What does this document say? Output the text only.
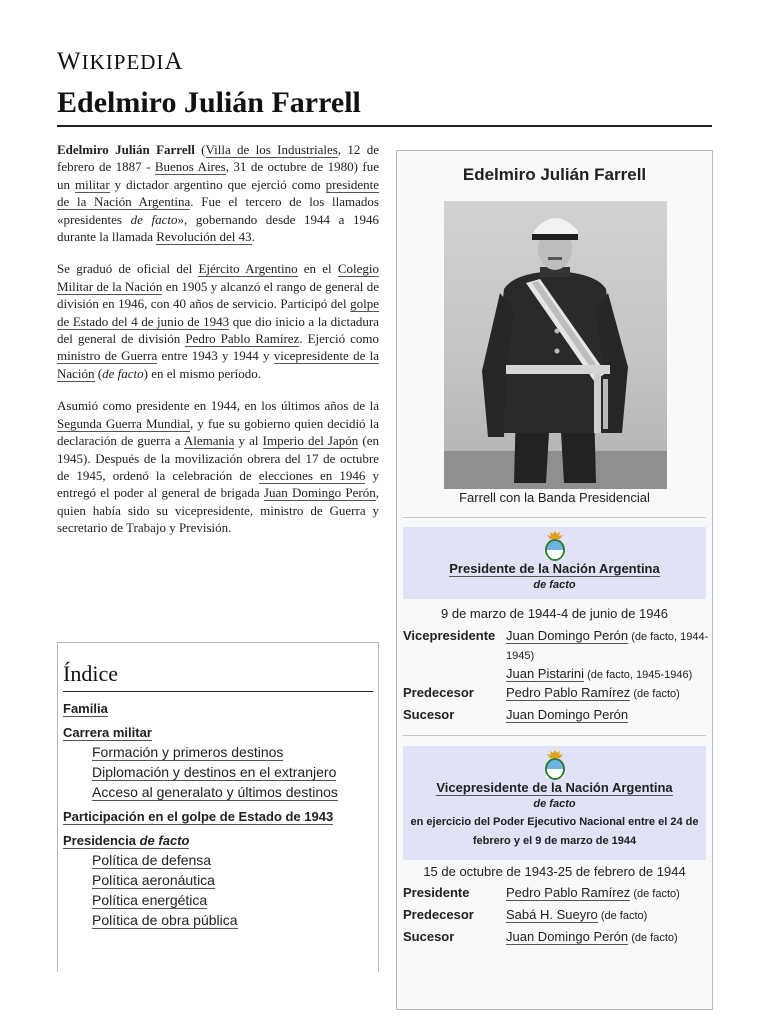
WIKIPEDIA
Edelmiro Julián Farrell

Edelmiro Julián Farrell (Villa de los Industriales, 12 de febrero de 1887 - Buenos Aires, 31 de octubre de 1980) fue un militar y dictador argentino que ejerció como presidente de la Nación Argentina. Fue el tercero de los llamados «presidentes de facto», gobernando desde 1944 a 1946 durante la llamada Revolución del 43.

Se graduó de oficial del Ejército Argentino en el Colegio Militar de la Nación en 1905 y alcanzó el rango de general de división en 1946, con 40 años de servicio. Participó del golpe de Estado del 4 de junio de 1943 que dio inicio a la dictadura del general de división Pedro Pablo Ramírez. Ejerció como ministro de Guerra entre 1943 y 1944 y vicepresidente de la Nación (de facto) en el mismo período.

Asumió como presidente en 1944, en los últimos años de la Segunda Guerra Mundial, y fue su gobierno quien decidió la declaración de guerra a Alemania y al Imperio del Japón (en 1945). Después de la movilización obrera del 17 de octubre de 1945, ordenó la celebración de elecciones en 1946 y entregó el poder al general de brigada Juan Domingo Perón, quien había sido su vicepresidente, ministro de Guerra y secretario de Trabajo y Previsión.

Índice
Familia
Carrera militar
Formación y primeros destinos
Diplomación y destinos en el extranjero
Acceso al generalato y últimos destinos
Participación en el golpe de Estado de 1943
Presidencia de facto
Política de defensa
Política aeronáutica
Política energética
Política de obra pública
Edelmiro Julián Farrell
Farrell con la Banda Presidencial
Presidente de la Nación Argentina
de facto
9 de marzo de 1944-4 de junio de 1946
Vicepresidente Juan Domingo Perón (de facto, 1944-1945)
Juan Pistarini (de facto, 1945-1946)
Predecesor Pedro Pablo Ramírez (de facto)
Sucesor	Juan Domingo Perón
Vicepresidente de la Nación Argentina
de facto
en ejercicio del Poder Ejecutivo Nacional entre el 24 de febrero y el 9 de marzo de 1944
15 de octubre de 1943-25 de febrero de 1944
Presidente	Pedro Pablo Ramírez (de facto)
Predecesor Sabá H. Sueyro (de facto)
Sucesor	Juan Domingo Perón (de facto)
